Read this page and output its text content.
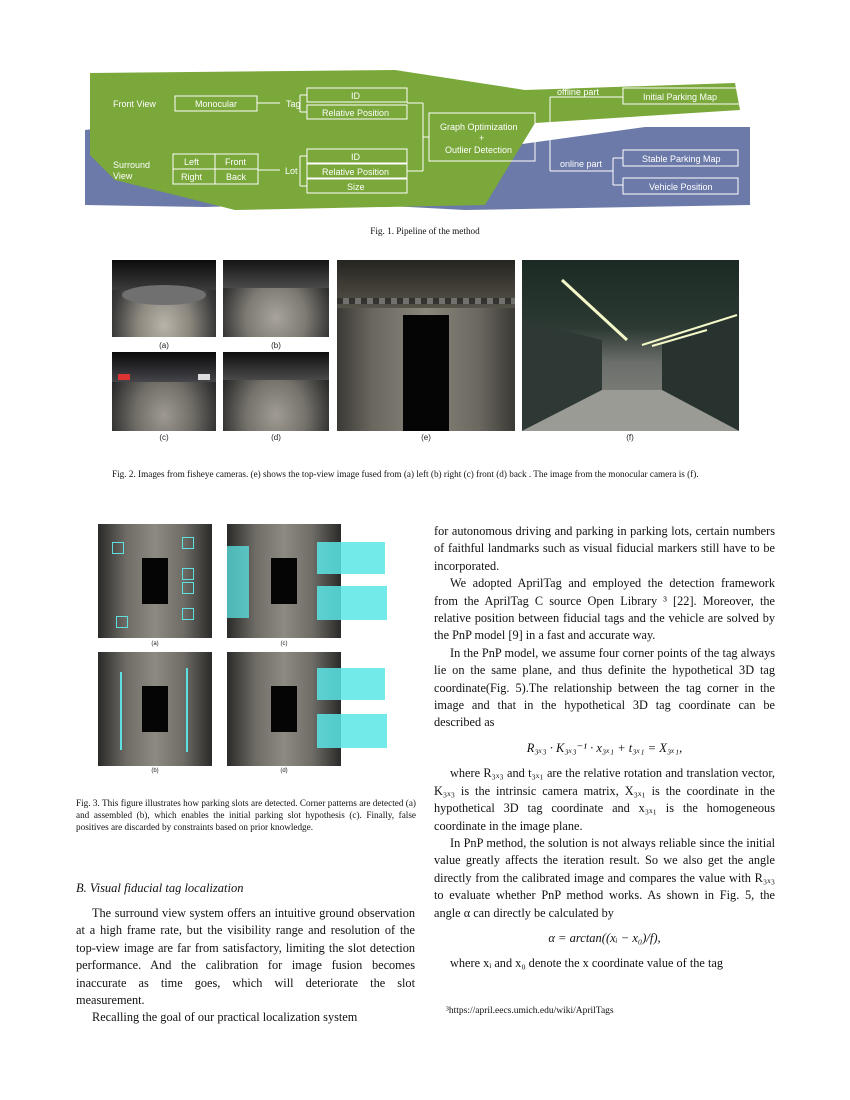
Front View	Monocular	Tag
ID
Relative Position
Surround
View
Left	Front
Right	Back
Lot
ID
Relative Position
Size
Graph Optimization
+
Outlier Detection
offline part	Initial Parking Map
online part	Stable Parking Map
Vehicle Position
Fig. 1. Pipeline of the method
(a)	(b)
(c)	(d)	(e)	(f)
Fig. 2. Images from fisheye cameras. (e) shows the top-view image fused from (a) left (b) right (c) front (d) back . The image from the monocular camera is (f).
(a)	(c)
(b)	(d)
Fig. 3. This figure illustrates how parking slots are detected. Corner patterns are detected (a) and assembled (b), which enables the initial parking slot hypothesis (c). Finally, false positives are discarded by constraints based on prior knowledge.
B. Visual fiducial tag localization

The surround view system offers an intuitive ground observation at a high frame rate, but the visibility range and resolution of the top-view image are far from satisfactory, limiting the slot detection performance. And the calibration for image fusion becomes inaccurate as time goes, which will deteriorate the slot measurement.

Recalling the goal of our practical localization system

for autonomous driving and parking in parking lots, certain numbers of faithful landmarks such as visual fiducial markers still have to be incorporated.

We adopted AprilTag and employed the detection framework from the AprilTag C source Open Library ³ [22]. Moreover, the relative position between fiducial tags and the vehicle are solved by the PnP model [9] in a fast and accurate way.

In the PnP model, we assume four corner points of the tag always lie on the same plane, and thus definite the hypothetical 3D tag coordinate(Fig. 5).The relationship between the tag corner in the image and that in the hypothetical 3D tag coordinate can be described as

R₃ₓ₃ · K₃ₓ₃⁻¹ · x₃ₓ₁ + t₃ₓ₁ = X₃ₓ₁,

where R₃ₓ₃ and t₃ₓ₁ are the relative rotation and translation vector, K₃ₓ₃ is the intrinsic camera matrix, X₃ₓ₁ is the coordinate in the hypothetical 3D tag coordinate and x₃ₓ₁ is the homogeneous coordinate in the image plane.

In PnP method, the solution is not always reliable since the initial value greatly affects the iteration result. So we also get the angle directly from the calibrated image and compares the value with R₃ₓ₃ to evaluate whether PnP method works. As shown in Fig. 5, the angle α can directly be calculated by

α = arctan((xᵢ − x₀)/f),

where xᵢ and x₀ denote the x coordinate value of the tag

³https://april.eecs.umich.edu/wiki/AprilTags
